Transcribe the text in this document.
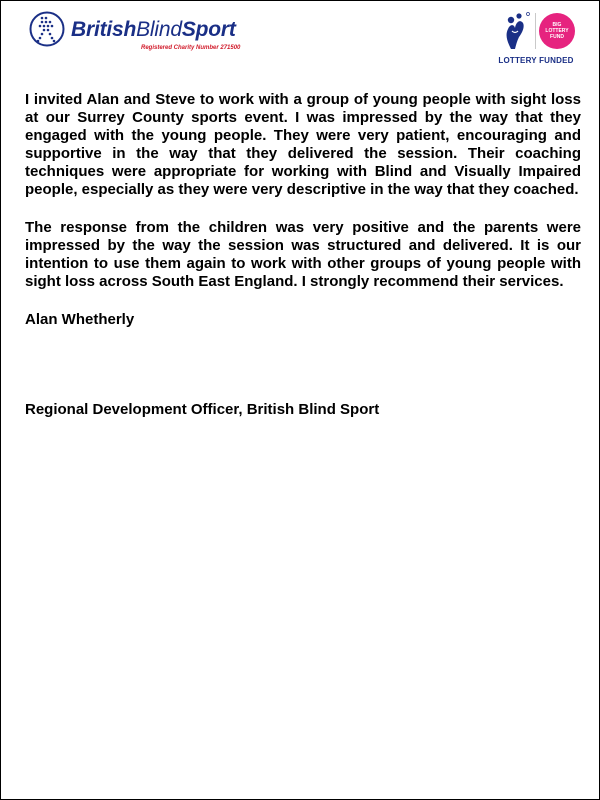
BritishBlindSport
Registered Charity Number 271500
BIG
LOTTERY
FUND
LOTTERY FUNDED

I invited Alan and Steve to work with a group of young people with sight loss at our Surrey County sports event. I was impressed by the way that they engaged with the young people. They were very patient, encouraging and supportive in the way that they delivered the session. Their coaching techniques were appropriate for working with Blind and Visually Impaired people, especially as they were very descriptive in the way that they coached.

The response from the children was very positive and the parents were impressed by the way the session was structured and delivered. It is our intention to use them again to work with other groups of young people with sight loss across South East England. I strongly recommend their services.

Alan Whetherly

Regional Development Officer, British Blind Sport
